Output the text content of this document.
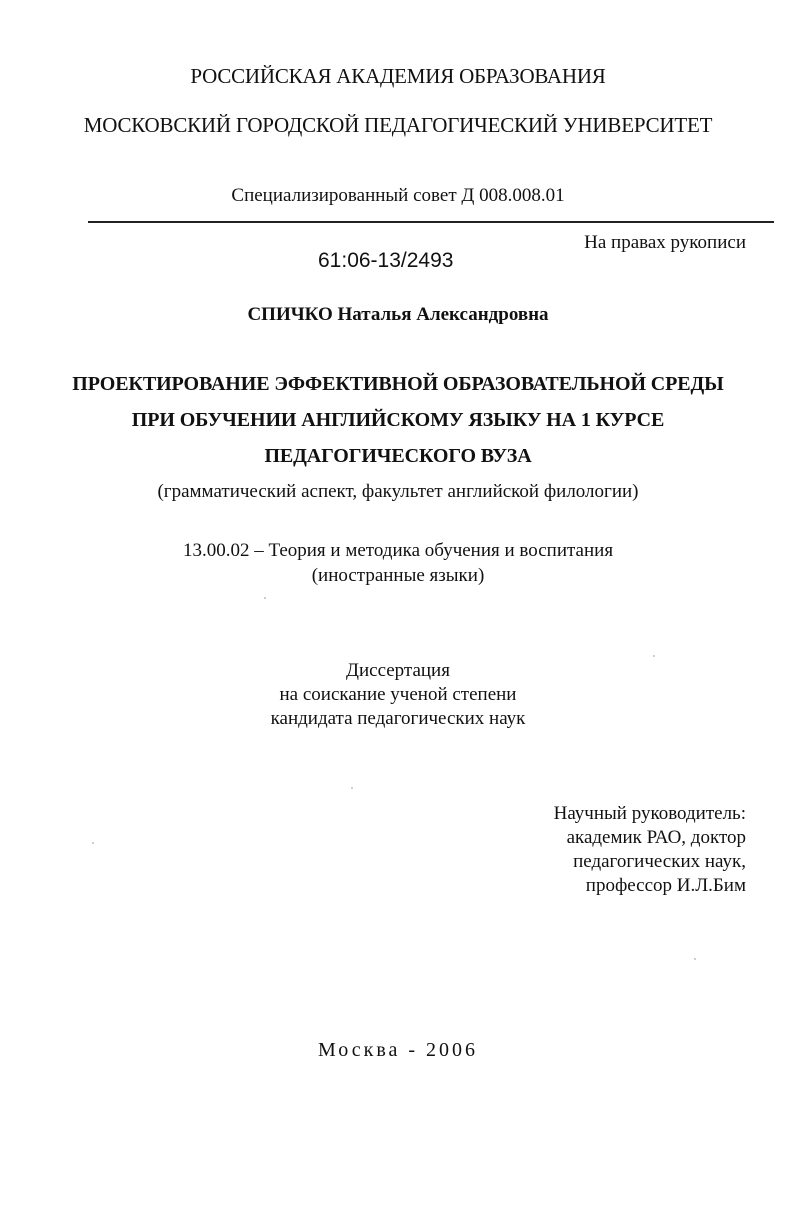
РОССИЙСКАЯ АКАДЕМИЯ ОБРАЗОВАНИЯ
МОСКОВСКИЙ ГОРОДСКОЙ ПЕДАГОГИЧЕСКИЙ УНИВЕРСИТЕТ
Специализированный совет Д 008.008.01
На правах рукописи
61:06-13/2493
СПИЧКО Наталья Александровна
ПРОЕКТИРОВАНИЕ ЭФФЕКТИВНОЙ ОБРАЗОВАТЕЛЬНОЙ СРЕДЫ
ПРИ ОБУЧЕНИИ АНГЛИЙСКОМУ ЯЗЫКУ НА 1 КУРСЕ
ПЕДАГОГИЧЕСКОГО ВУЗА
(грамматический аспект, факультет английской филологии)
13.00.02 – Теория и методика обучения и воспитания
(иностранные языки)
Диссертация
на соискание ученой степени
кандидата педагогических наук
Научный руководитель:
академик РАО, доктор
педагогических наук,
профессор И.Л.Бим
Москва - 2006
